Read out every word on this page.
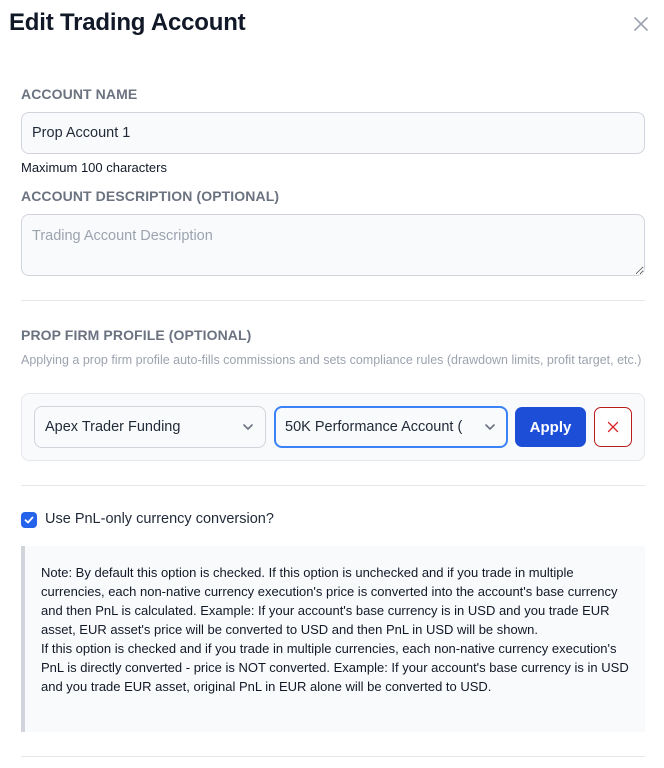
Edit Trading Account
ACCOUNT NAME
Prop Account 1
Maximum 100 characters
ACCOUNT DESCRIPTION (OPTIONAL)
Trading Account Description
PROP FIRM PROFILE (OPTIONAL)
Applying a prop firm profile auto-fills commissions and sets compliance rules (drawdown limits, profit target, etc.)
Apex Trader Funding	50K Performance Account (	Apply
Use PnL-only currency conversion?

Note: By default this option is checked. If this option is unchecked and if you trade in multiple currencies, each non-native currency execution's price is converted into the account's base currency and then PnL is calculated. Example: If your account's base currency is in USD and you trade EUR asset, EUR asset's price will be converted to USD and then PnL in USD will be shown.

If this option is checked and if you trade in multiple currencies, each non-native currency execution's PnL is directly converted - price is NOT converted. Example: If your account's base currency is in USD and you trade EUR asset, original PnL in EUR alone will be converted to USD.
